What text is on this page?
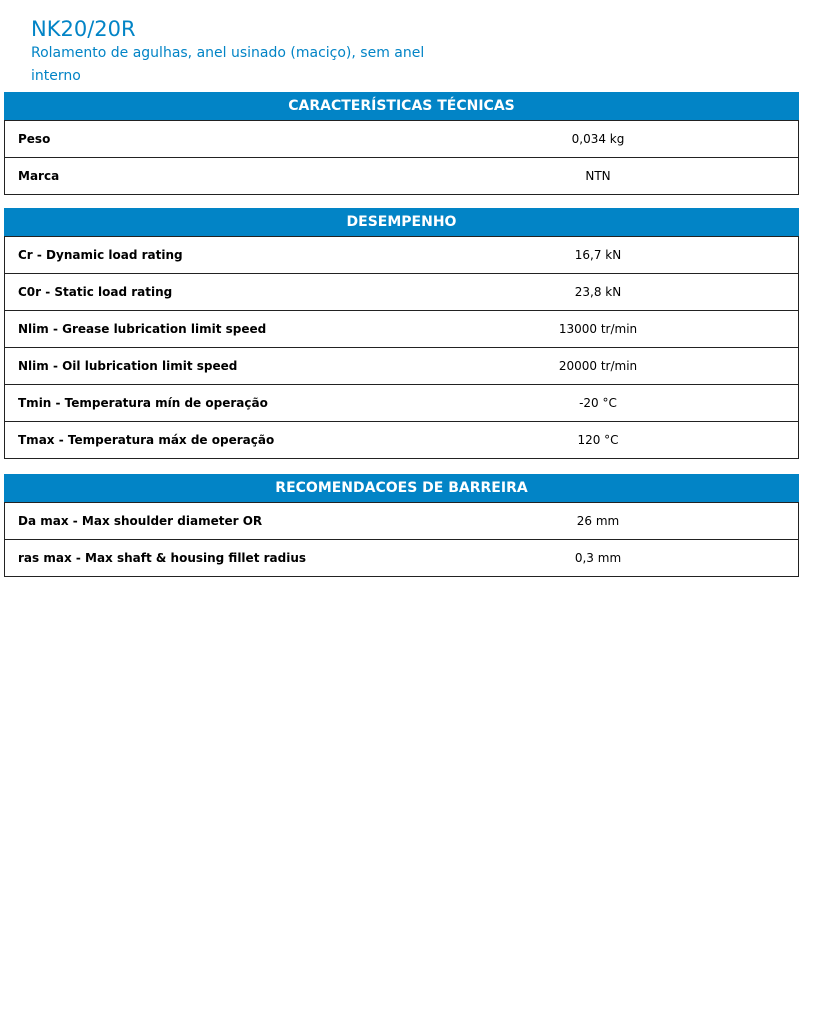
NK20/20R

Rolamento de agulhas, anel usinado (maciço), sem anel interno

CARACTERÍSTICAS TÉCNICAS
Peso	0,034 kg
Marca	NTN
DESEMPENHO
Cr - Dynamic load rating	16,7 kN
C0r - Static load rating	23,8 kN
Nlim - Grease lubrication limit speed	13000 tr/min
Nlim - Oil lubrication limit speed	20000 tr/min
Tmin - Temperatura mín de operação	-20 °C
Tmax - Temperatura máx de operação	120 °C
RECOMENDACOES DE BARREIRA
Da max - Max shoulder diameter OR	26 mm
ras max - Max shaft & housing fillet radius	0,3 mm
